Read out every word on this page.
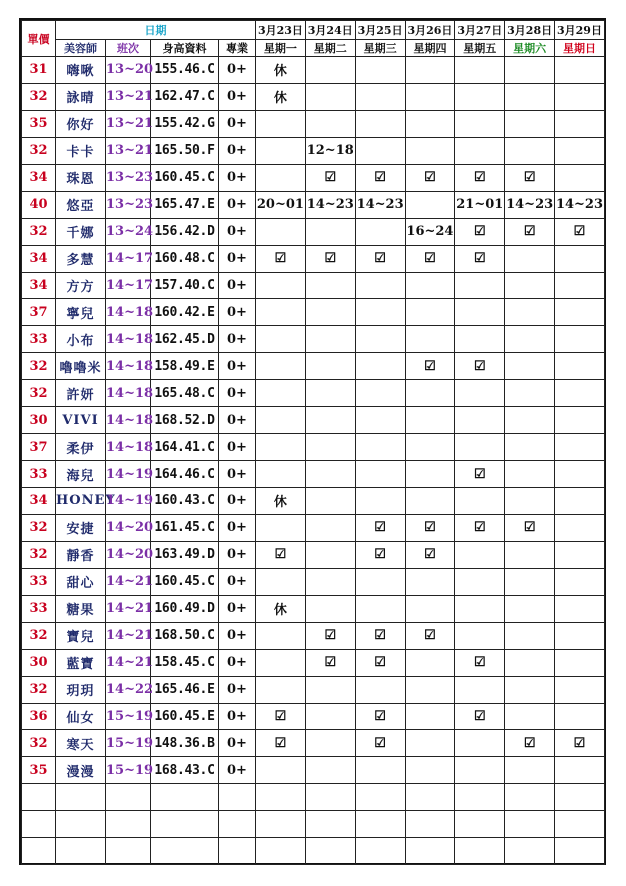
單價	日期				3月23日	3月24日	3月25日	3月26日	3月27日	3月28日	3月29日
	美容師	班次	身高資料	專業	星期一	星期二	星期三	星期四	星期五	星期六	星期日
31	嗨啾	13~20	155.46.C	0+	休						
32	詠晴	13~21	162.47.C	0+	休						
35	你好	13~21	155.42.G	0+							
32	卡卡	13~21	165.50.F	0+		12~18					
34	珠恩	13~23	160.45.C	0+		☑	☑	☑	☑	☑	
40	悠亞	13~23	165.47.E	0+	20~01	14~23	14~23		21~01	14~23	14~23
32	千娜	13~24	156.42.D	0+				16~24	☑	☑	☑
34	多慧	14~17	160.48.C	0+	☑	☑	☑	☑	☑		
34	方方	14~17	157.40.C	0+							
37	寧兒	14~18	160.42.E	0+							
33	小布	14~18	162.45.D	0+							
32	嚕嚕米	14~18	158.49.E	0+				☑	☑		
32	許妍	14~18	165.48.C	0+							
30	VIVI	14~18	168.52.D	0+							
37	柔伊	14~18	164.41.C	0+							
33	海兒	14~19	164.46.C	0+					☑		
34	HONEY	14~19	160.43.C	0+	休						
32	安捷	14~20	161.45.C	0+			☑	☑	☑	☑	
32	靜香	14~20	163.49.D	0+	☑		☑	☑			
33	甜心	14~21	160.45.C	0+							
33	糖果	14~21	160.49.D	0+	休						
32	寶兒	14~21	168.50.C	0+		☑	☑	☑			
30	藍寶	14~21	158.45.C	0+		☑	☑		☑		
32	玥玥	14~22	165.46.E	0+							
36	仙女	15~19	160.45.E	0+	☑		☑		☑		
32	寒天	15~19	148.36.B	0+	☑		☑			☑	☑
35	漫漫	15~19	168.43.C	0+							
